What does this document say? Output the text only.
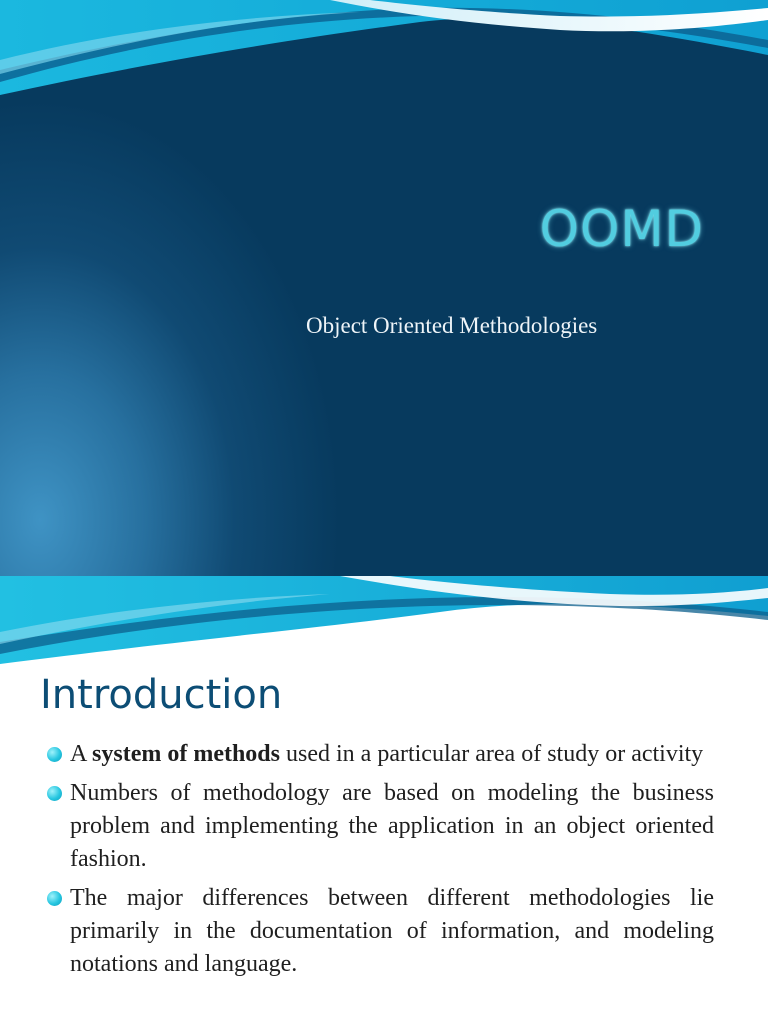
OOMD

Object Oriented Methodologies

Introduction
A system of methods used in a particular area of study or activity
Numbers of methodology are based on modeling the business problem and implementing the application in an object oriented fashion.
The major differences between different methodologies lie primarily in the documentation of information, and modeling notations and language.
